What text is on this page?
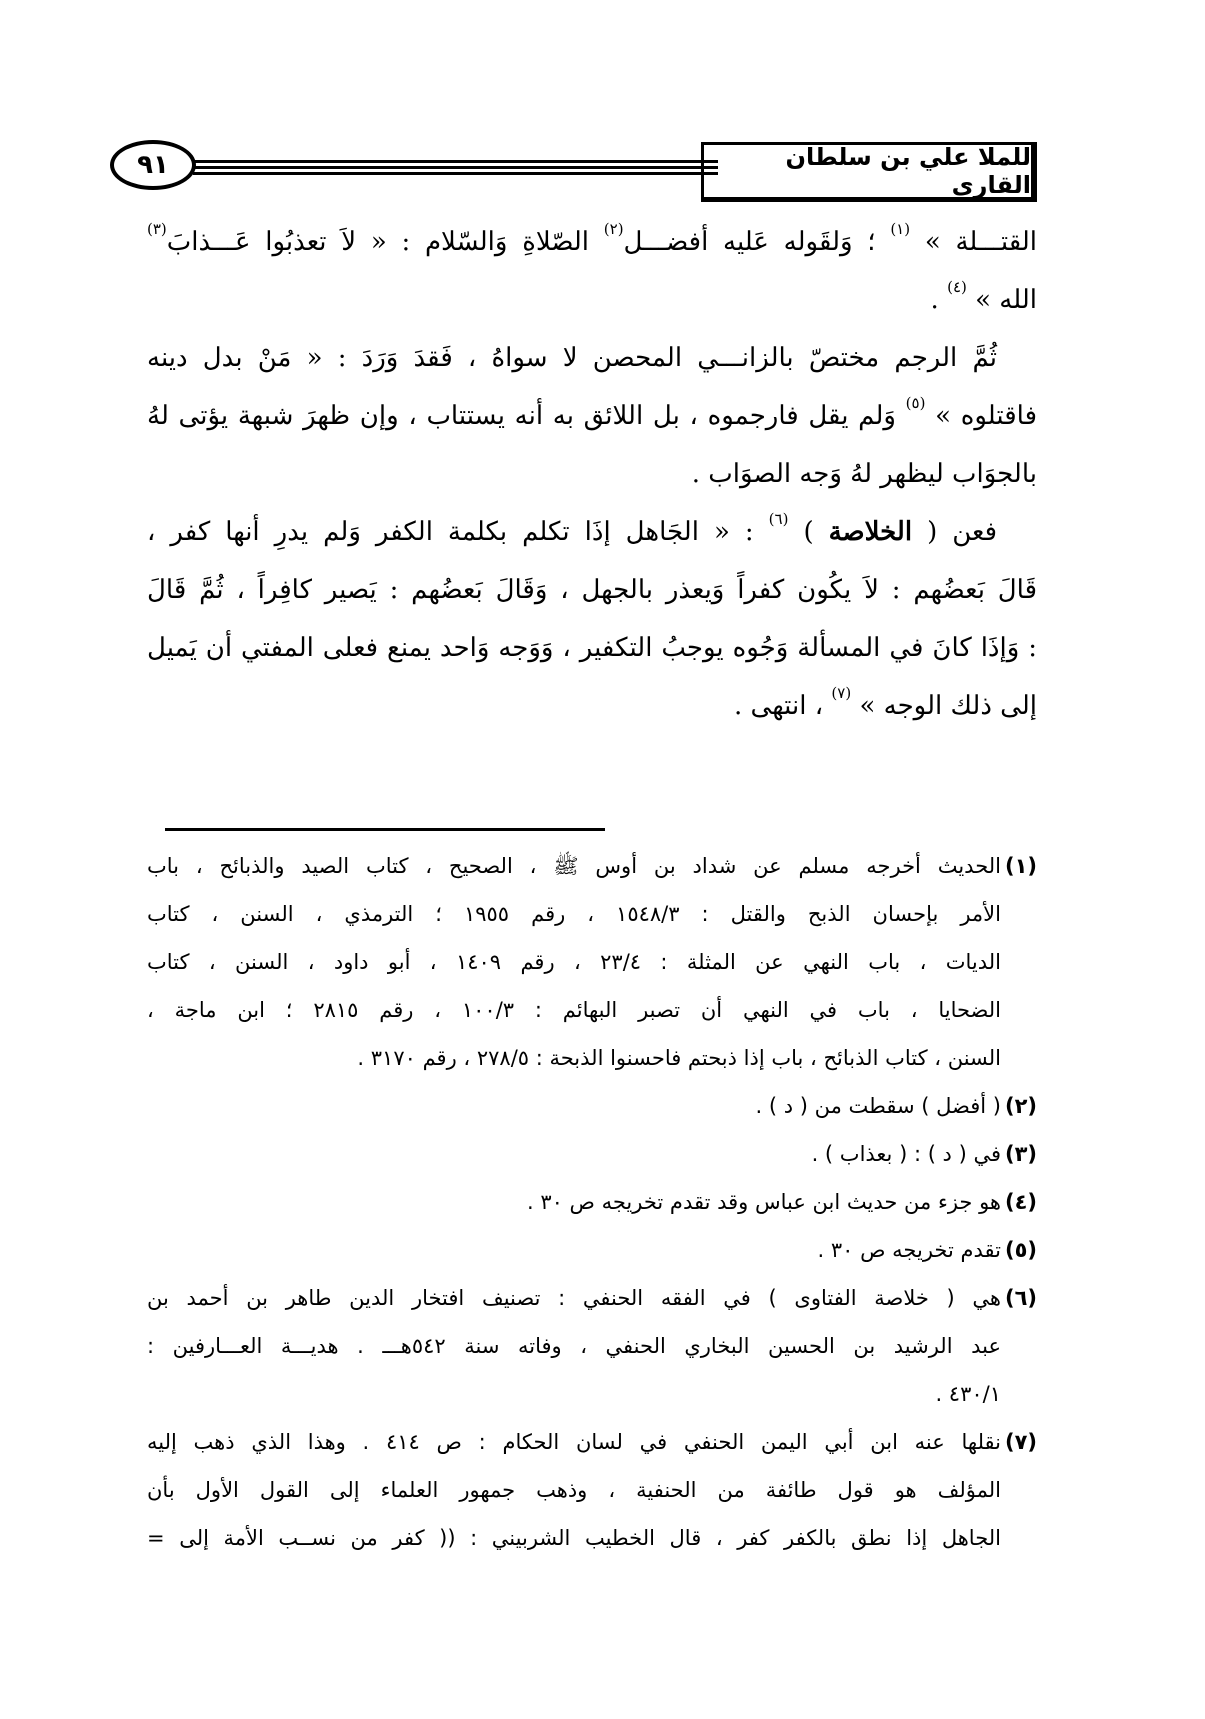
للملا علي بن سلطان القاري
٩١

القتـــلة » $^{(١)}$ ؛ وَلقَوله عَليه أفضـــل$^{(٢)}$ الصّلاةِ وَالسّلام : « لاَ تعذبُوا عَـــذابَ$^{(٣)}$

الله » $^{(٤)}$ .

ثُمَّ الرجم مختصّ بالزانـــي المحصن لا سواهُ ، فَقدَ وَرَدَ : « مَنْ بدل دينه

فاقتلوه » $^{(٥)}$ وَلم يقل فارجموه ، بل اللائق به أنه يستتاب ، وإن ظهرَ شبهة يؤتى لهُ

بالجوَاب ليظهر لهُ وَجه الصوَاب .

فعن ( الخلاصة ) $^{(٦)}$ : « الجَاهل إذَا تكلم بكلمة الكفر وَلم يدرِ أنها كفر ،

قَالَ بَعضُهم : لاَ يكُون كفراً وَيعذر بالجهل ، وَقَالَ بَعضُهم : يَصير كافِراً ، ثُمَّ قَالَ

: وَإذَا كانَ في المسألة وَجُوه يوجبُ التكفير ، وَوَجه وَاحد يمنع فعلى المفتي أن يَميل

إلى ذلك الوجه » $^{(٧)}$ ، انتهى .

(١)الحديث أخرجه مسلم عن شداد بن أوس ﷺ ، الصحيح ، كتاب الصيد والذبائح ، باب

الأمر بإحسان الذبح والقتل : ١٥٤٨/٣ ، رقم ١٩٥٥ ؛ الترمذي ، السنن ، كتاب

الديات ، باب النهي عن المثلة : ٢٣/٤ ، رقم ١٤٠٩ ، أبو داود ، السنن ، كتاب

الضحايا ، باب في النهي أن تصبر البهائم : ١٠٠/٣ ، رقم ٢٨١٥ ؛ ابن ماجة ،

السنن ، كتاب الذبائح ، باب إذا ذبحتم فاحسنوا الذبحة : ٢٧٨/٥ ، رقم ٣١٧٠ .

(٢)( أفضل ) سقطت من ( د ) .

(٣)في ( د ) : ( بعذاب ) .

(٤)هو جزء من حديث ابن عباس وقد تقدم تخريجه ص ٣٠ .

(٥)تقدم تخريجه ص ٣٠ .

(٦)هي ( خلاصة الفتاوى ) في الفقه الحنفي : تصنيف افتخار الدين طاهر بن أحمد بن

عبد الرشيد بن الحسين البخاري الحنفي ، وفاته سنة ٥٤٢هـــ . هديـــة العـــارفين :

٤٣٠/١ .

(٧)نقلها عنه ابن أبي اليمن الحنفي في لسان الحكام : ص ٤١٤ . وهذا الذي ذهب إليه

المؤلف هو قول طائفة من الحنفية ، وذهب جمهور العلماء إلى القول الأول بأن

الجاهل إذا نطق بالكفر كفر ، قال الخطيب الشربيني : (( كفر من نســب الأمة إلى =
